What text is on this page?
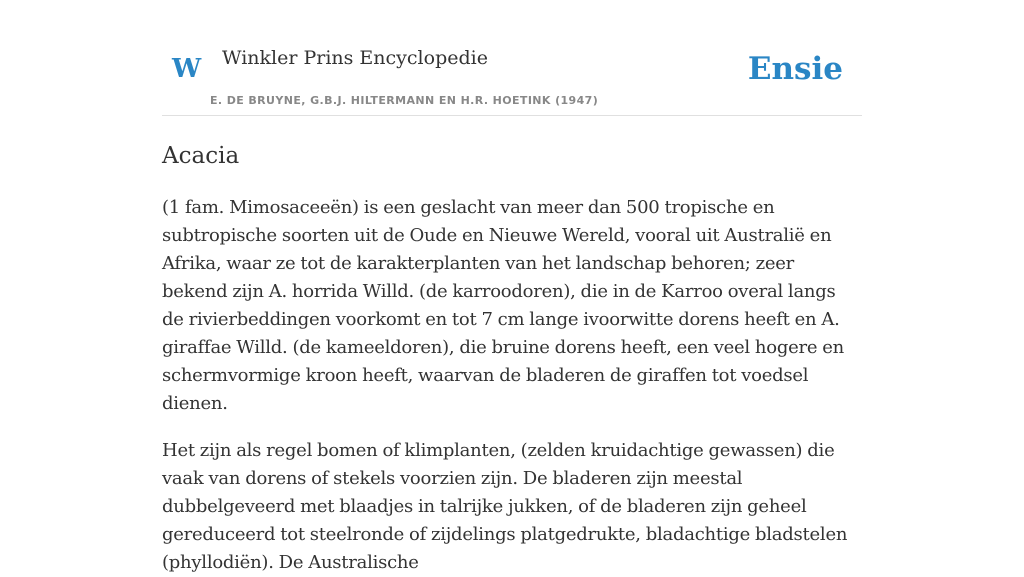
W Winkler Prins Encyclopedie
E. DE BRUYNE, G.B.J. HILTERMANN EN H.R. HOETINK (1947)
Ensie
Acacia

(1 fam. Mimosaceeën) is een geslacht van meer dan 500 tropische en subtropische soorten uit de Oude en Nieuwe Wereld, vooral uit Australië en Afrika, waar ze tot de karakterplanten van het landschap behoren; zeer bekend zijn A. horrida Willd. (de karroodoren), die in de Karroo overal langs de rivierbeddingen voorkomt en tot 7 cm lange ivoorwitte dorens heeft en A. giraffae Willd. (de kameeldoren), die bruine dorens heeft, een veel hogere en schermvormige kroon heeft, waarvan de bladeren de giraffen tot voedsel dienen.

Het zijn als regel bomen of klimplanten, (zelden kruidachtige gewassen) die vaak van dorens of stekels voorzien zijn. De bladeren zijn meestal dubbelgeveerd met blaadjes in talrijke jukken, of de bladeren zijn geheel gereduceerd tot steelronde of zijdelings platgedrukte, bladachtige bladstelen (phyllodiën). De Australische
